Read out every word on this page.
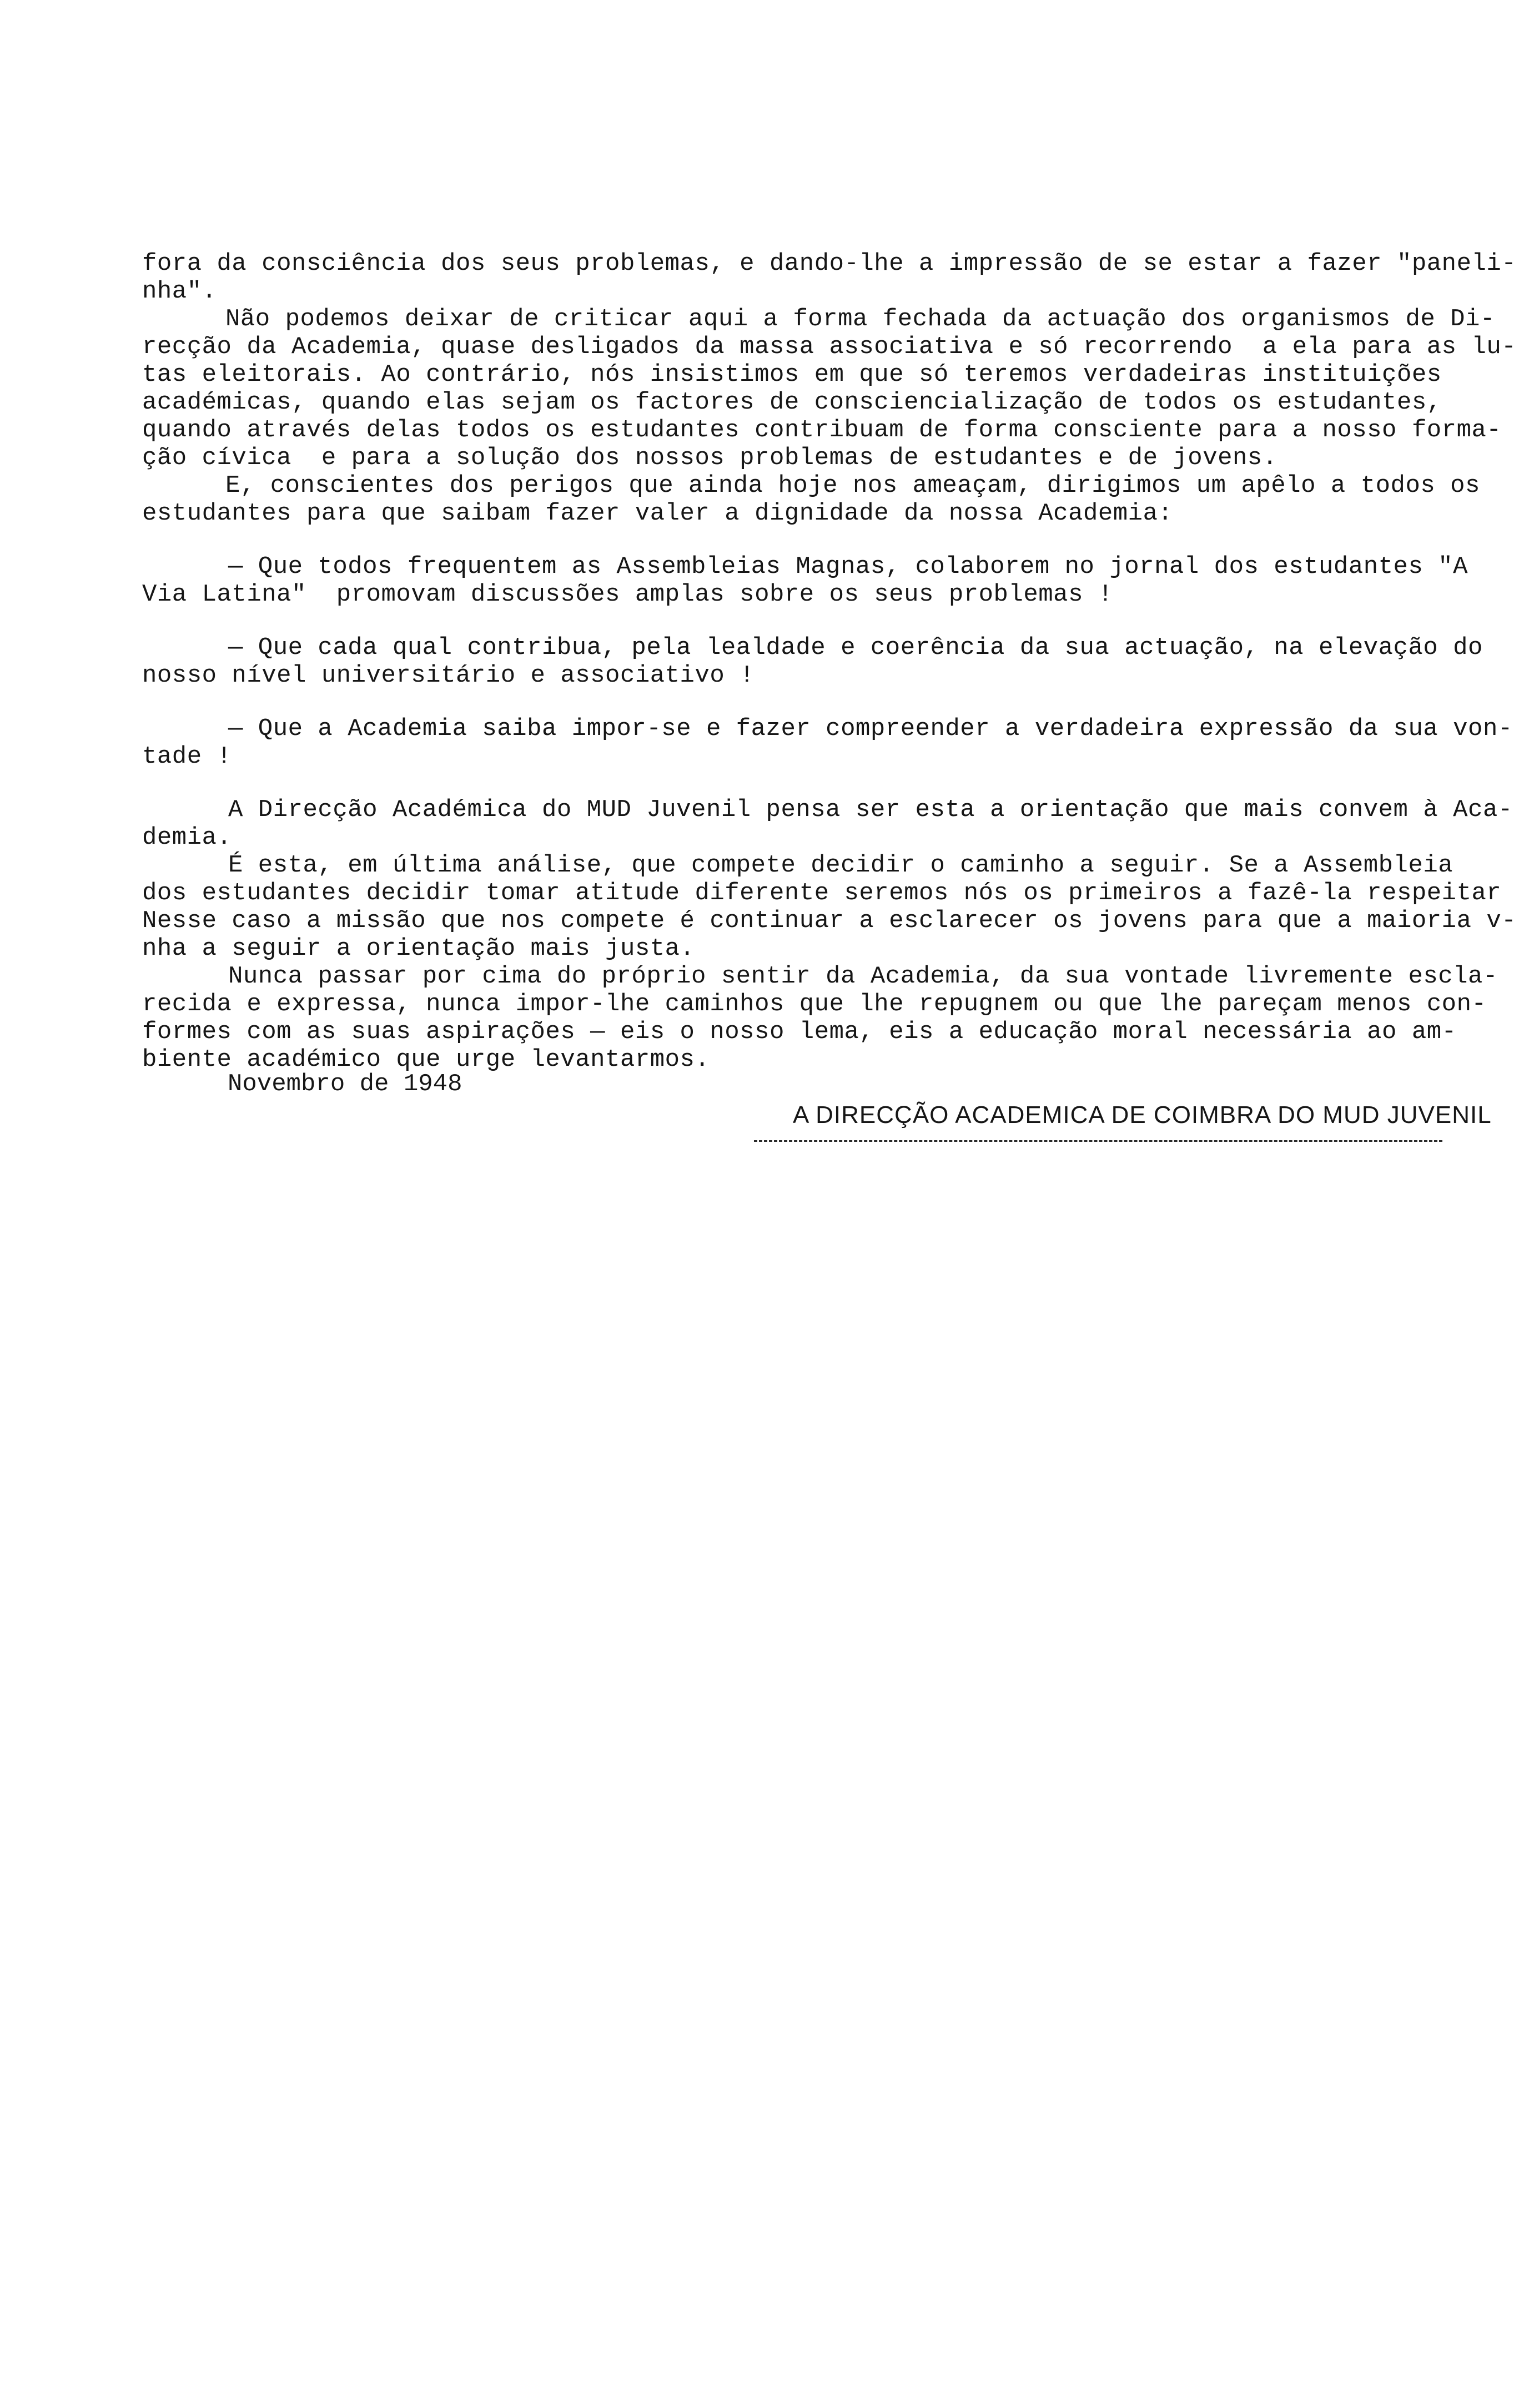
fora da consciência dos seus problemas, e dando-lhe a impressão de se estar a fazer "paneli-
nha".
Não podemos deixar de criticar aqui a forma fechada da actuação dos organismos de Di-
recção da Academia, quase desligados da massa associativa e só recorrendo  a ela para as lu-
tas eleitorais. Ao contrário, nós insistimos em que só teremos verdadeiras instituições
académicas, quando elas sejam os factores de consciencialização de todos os estudantes,
quando através delas todos os estudantes contribuam de forma consciente para a nosso forma-
ção cívica  e para a solução dos nossos problemas de estudantes e de jovens.
E, conscientes dos perigos que ainda hoje nos ameaçam, dirigimos um apêlo a todos os
estudantes para que saibam fazer valer a dignidade da nossa Academia:
— Que todos frequentem as Assembleias Magnas, colaborem no jornal dos estudantes "A
Via Latina"  promovam discussões amplas sobre os seus problemas !
— Que cada qual contribua, pela lealdade e coerência da sua actuação, na elevação do
nosso nível universitário e associativo !
— Que a Academia saiba impor-se e fazer compreender a verdadeira expressão da sua von-
tade !
A Direcção Académica do MUD Juvenil pensa ser esta a orientação que mais convem à Aca-
demia.
É esta, em última análise, que compete decidir o caminho a seguir. Se a Assembleia
dos estudantes decidir tomar atitude diferente seremos nós os primeiros a fazê-la respeitar
Nesse caso a missão que nos compete é continuar a esclarecer os jovens para que a maioria v-
nha a seguir a orientação mais justa.
Nunca passar por cima do próprio sentir da Academia, da sua vontade livremente escla-
recida e expressa, nunca impor-lhe caminhos que lhe repugnem ou que lhe pareçam menos con-
formes com as suas aspirações — eis o nosso lema, eis a educação moral necessária ao am-
biente académico que urge levantarmos.
Novembro de 1948
A DIRECÇÃO ACADEMICA DE COIMBRA DO MUD JUVENIL
